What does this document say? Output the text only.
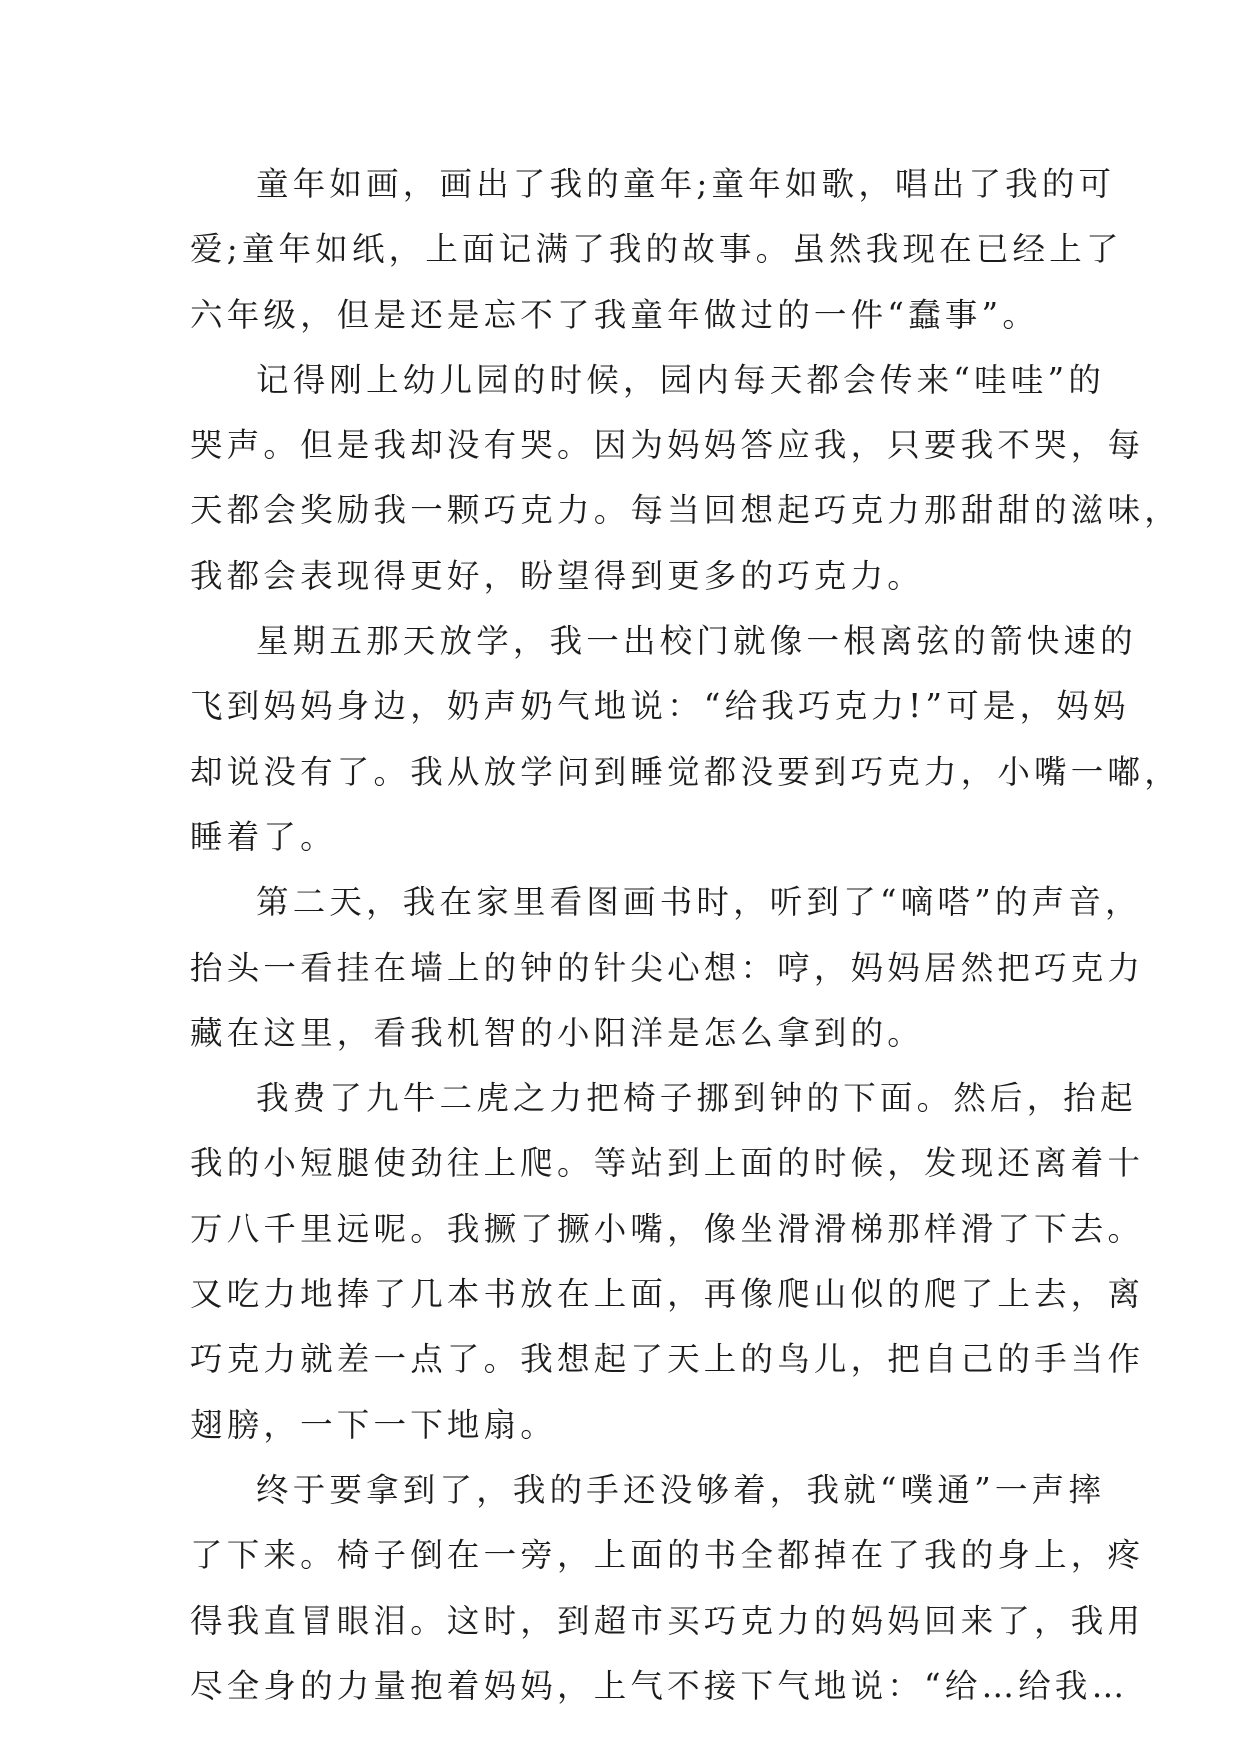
童年如画，画出了我的童年;童年如歌，唱出了我的可
爱;童年如纸，上面记满了我的故事。虽然我现在已经上了
六年级，但是还是忘不了我童年做过的一件“蠢事”。
记得刚上幼儿园的时候，园内每天都会传来“哇哇”的
哭声。但是我却没有哭。因为妈妈答应我，只要我不哭，每
天都会奖励我一颗巧克力。每当回想起巧克力那甜甜的滋味，
我都会表现得更好，盼望得到更多的巧克力。
星期五那天放学，我一出校门就像一根离弦的箭快速的
飞到妈妈身边，奶声奶气地说：“给我巧克力!”可是，妈妈
却说没有了。我从放学问到睡觉都没要到巧克力，小嘴一嘟，
睡着了。
第二天，我在家里看图画书时，听到了“嘀嗒”的声音，
抬头一看挂在墙上的钟的针尖心想：哼，妈妈居然把巧克力
藏在这里，看我机智的小阳洋是怎么拿到的。
我费了九牛二虎之力把椅子挪到钟的下面。然后，抬起
我的小短腿使劲往上爬。等站到上面的时候，发现还离着十
万八千里远呢。我撅了撅小嘴，像坐滑滑梯那样滑了下去。
又吃力地捧了几本书放在上面，再像爬山似的爬了上去，离
巧克力就差一点了。我想起了天上的鸟儿，把自己的手当作
翅膀，一下一下地扇。
终于要拿到了，我的手还没够着，我就“噗通”一声摔
了下来。椅子倒在一旁，上面的书全都掉在了我的身上，疼
得我直冒眼泪。这时，到超市买巧克力的妈妈回来了，我用
尽全身的力量抱着妈妈，上气不接下气地说：“给…给我…
